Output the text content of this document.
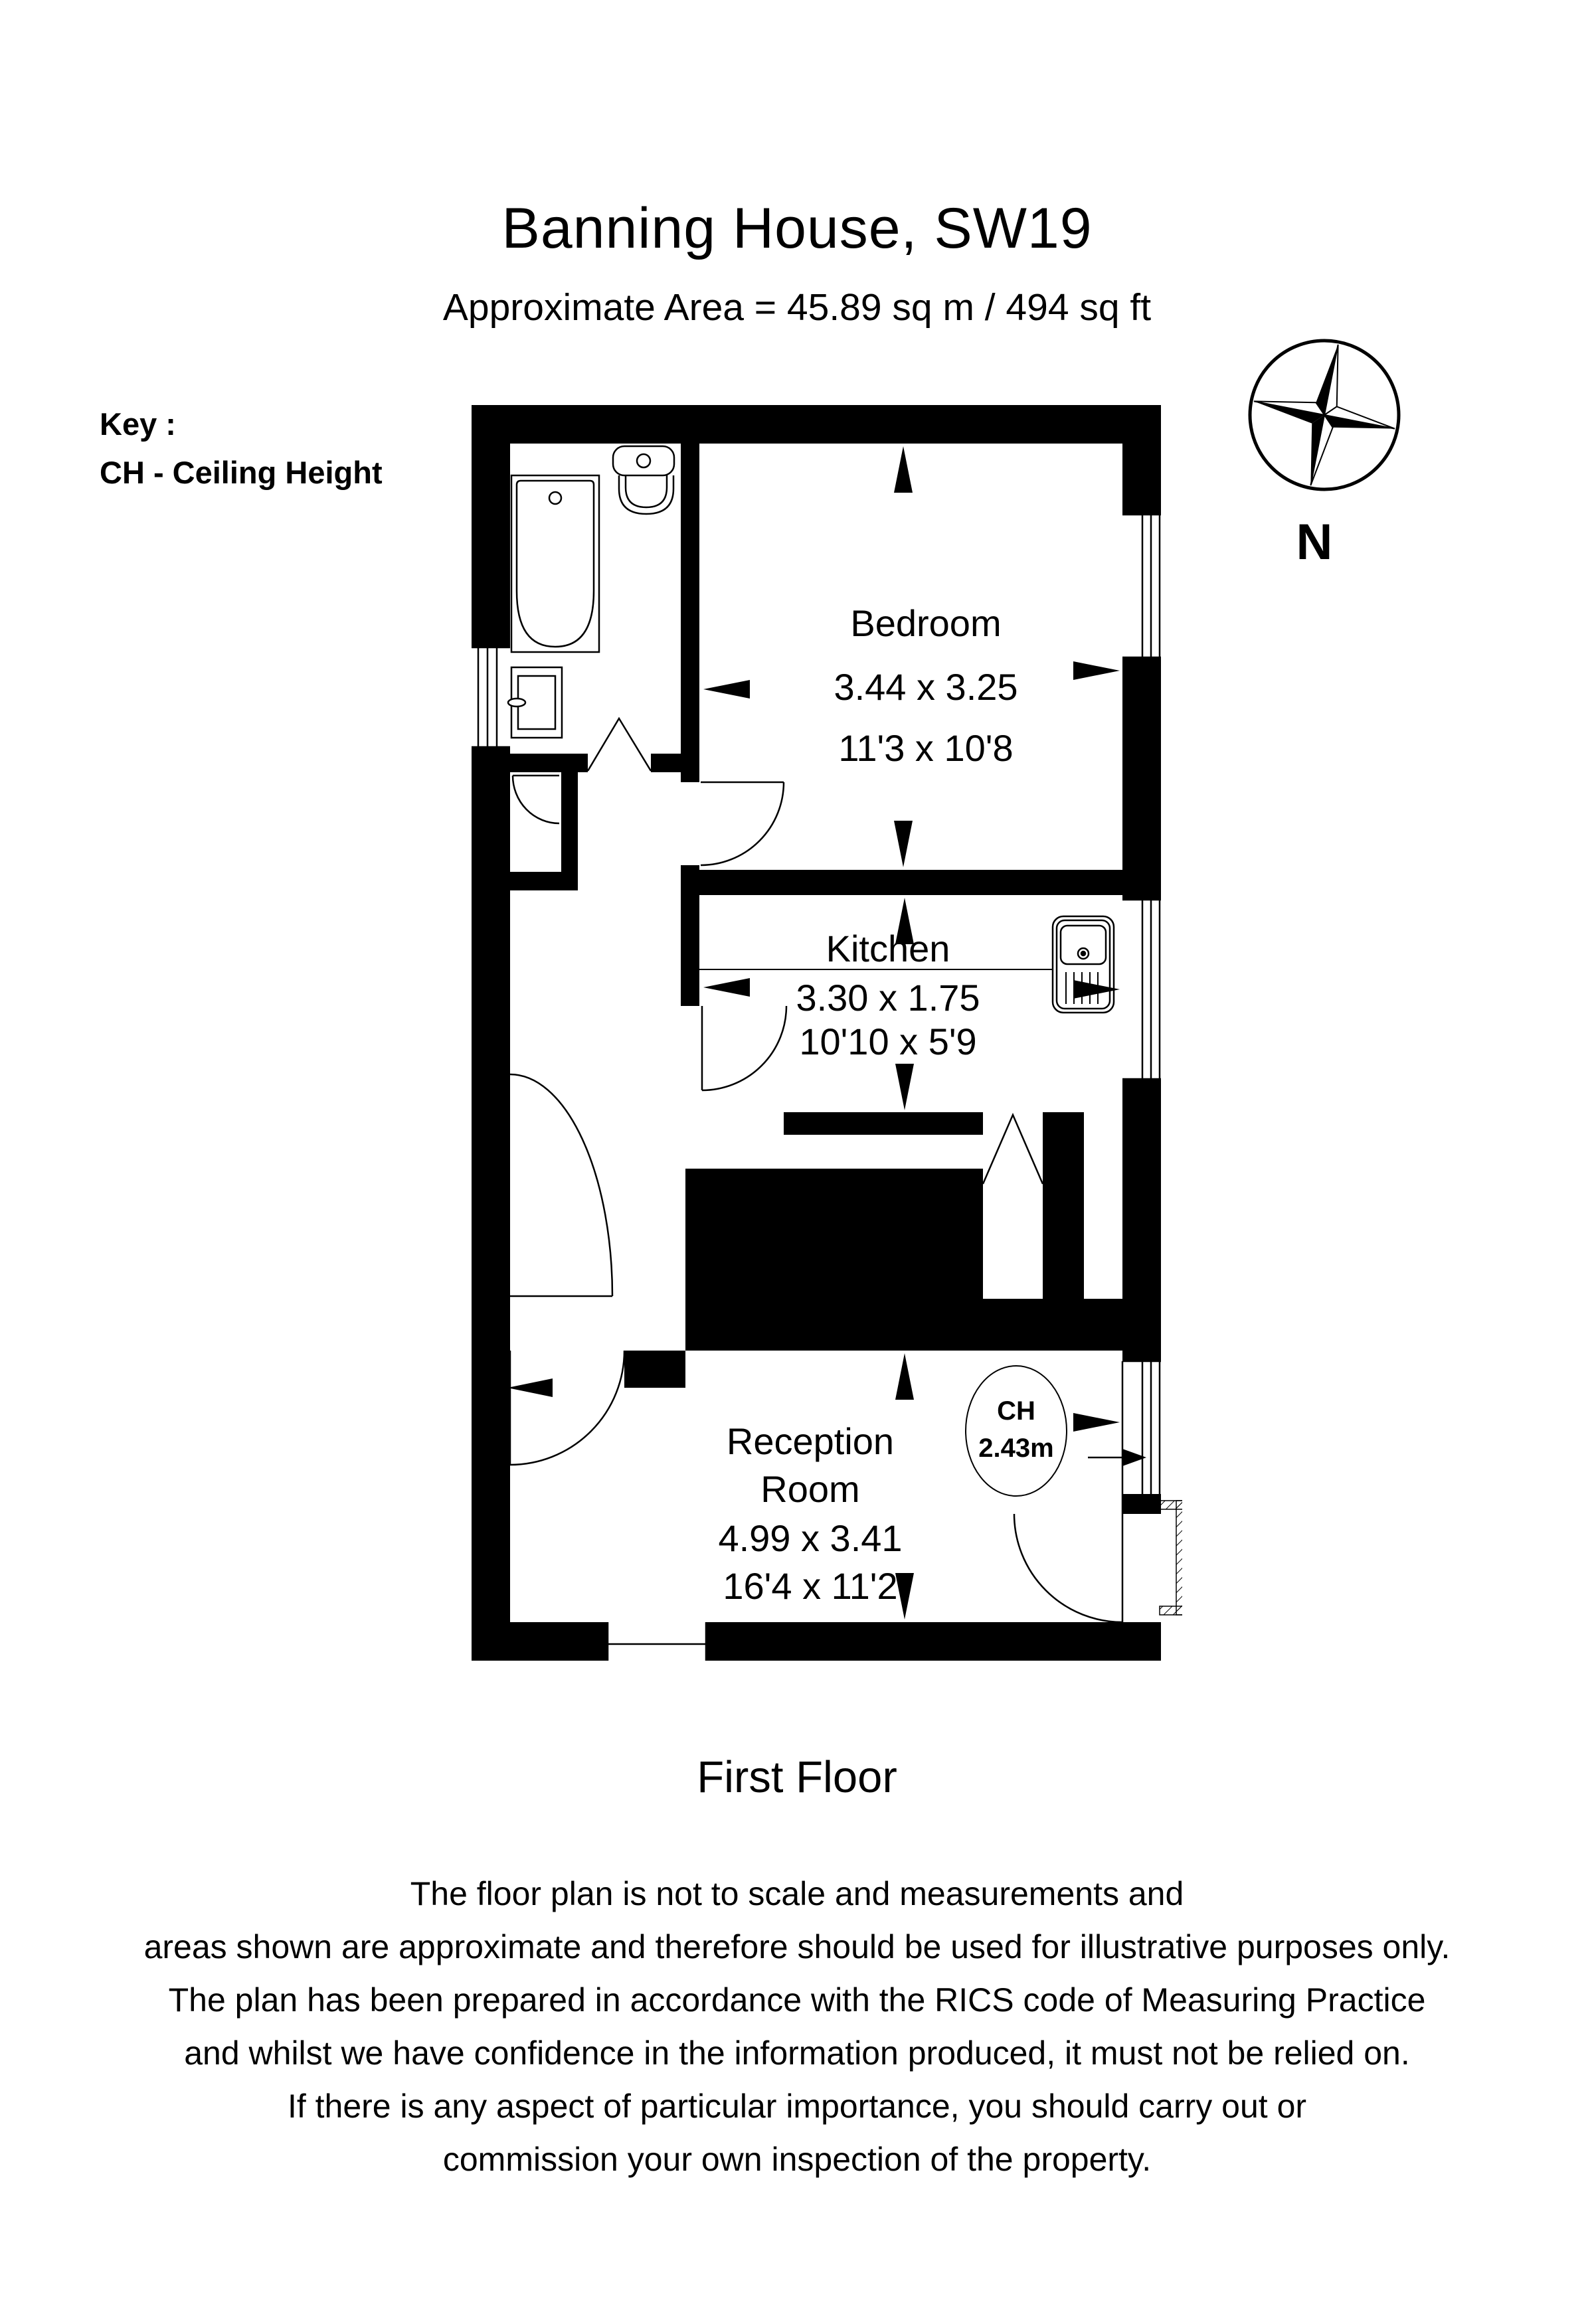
Banning House, SW19
Approximate Area = 45.89 sq m / 494 sq ft
Key :
CH - Ceiling Height
N
Bedroom
3.44 x 3.25
11'3 x 10'8
Kitchen
3.30 x 1.75
10'10 x 5'9
Reception
Room
4.99 x 3.41
16'4 x 11'2
CH
2.43m
First Floor
The floor plan is not to scale and measurements and
areas shown are approximate and therefore should be used for illustrative purposes only.
The plan has been prepared in accordance with the RICS code of Measuring Practice
and whilst we have confidence in the information produced, it must not be relied on.
If there is any aspect of particular importance, you should carry out or
commission your own inspection of the property.
